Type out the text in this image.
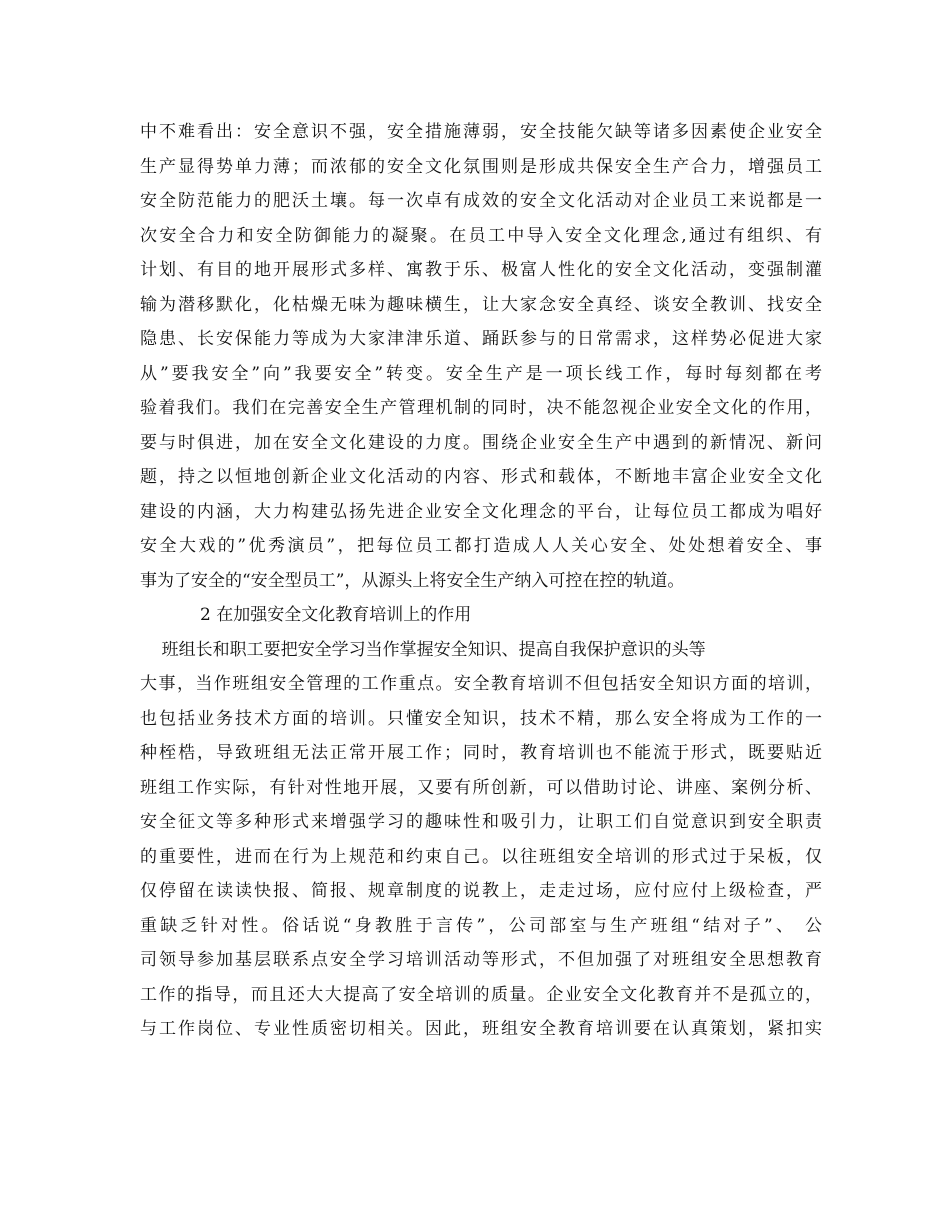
中不难看出：安全意识不强，安全措施薄弱，安全技能欠缺等诸多因素使企业安全
生产显得势单力薄；而浓郁的安全文化氛围则是形成共保安全生产合力，增强员工
安全防范能力的肥沃土壤。每一次卓有成效的安全文化活动对企业员工来说都是一
次安全合力和安全防御能力的凝聚。在员工中导入安全文化理念,通过有组织、有
计划、有目的地开展形式多样、寓教于乐、极富人性化的安全文化活动，变强制灌
输为潜移默化，化枯燥无味为趣味横生，让大家念安全真经、谈安全教训、找安全
隐患、长安保能力等成为大家津津乐道、踊跃参与的日常需求，这样势必促进大家
从”要我安全”向”我要安全”转变。安全生产是一项长线工作，每时每刻都在考
验着我们。我们在完善安全生产管理机制的同时，决不能忽视企业安全文化的作用，
要与时俱进，加在安全文化建设的力度。围绕企业安全生产中遇到的新情况、新问
题，持之以恒地创新企业文化活动的内容、形式和载体，不断地丰富企业安全文化
建设的内涵，大力构建弘扬先进企业安全文化理念的平台，让每位员工都成为唱好
安全大戏的”优秀演员”，把每位员工都打造成人人关心安全、处处想着安全、事
事为了安全的“安全型员工”，从源头上将安全生产纳入可控在控的轨道。
2 在加强安全文化教育培训上的作用
班组长和职工要把安全学习当作掌握安全知识、提高自我保护意识的头等
大事，当作班组安全管理的工作重点。安全教育培训不但包括安全知识方面的培训，
也包括业务技术方面的培训。只懂安全知识，技术不精，那么安全将成为工作的一
种桎梏，导致班组无法正常开展工作；同时，教育培训也不能流于形式，既要贴近
班组工作实际，有针对性地开展，又要有所创新，可以借助讨论、讲座、案例分析、
安全征文等多种形式来增强学习的趣味性和吸引力，让职工们自觉意识到安全职责
的重要性，进而在行为上规范和约束自己。以往班组安全培训的形式过于呆板，仅
仅停留在读读快报、简报、规章制度的说教上，走走过场，应付应付上级检查，严
重缺乏针对性。俗话说“身教胜于言传”，公司部室与生产班组“结对子”、 公
司领导参加基层联系点安全学习培训活动等形式，不但加强了对班组安全思想教育
工作的指导，而且还大大提高了安全培训的质量。企业安全文化教育并不是孤立的，
与工作岗位、专业性质密切相关。因此，班组安全教育培训要在认真策划，紧扣实
